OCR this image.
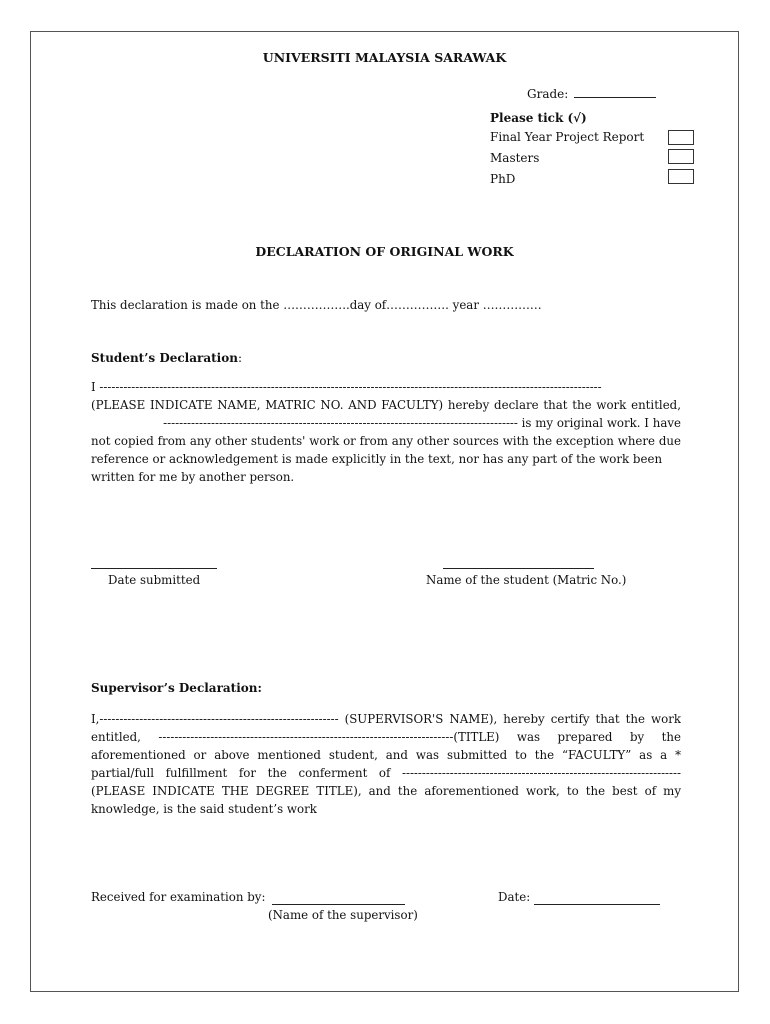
UNIVERSITI MALAYSIA SARAWAK
Grade:
Please tick (√)
Final Year Project Report
Masters
PhD
DECLARATION OF ORIGINAL WORK
This declaration is made on the ……………..day of……………. year ……………
Student’s Declaration:
I ------------------------------------------------------------------------------------------------------------------------------
(PLEASE INDICATE NAME, MATRIC NO. AND FACULTY) hereby declare that the work entitled,
----------------------------------------------------------------------------------------- is my original work. I have
not copied from any other students' work or from any other sources with the exception where due
reference or acknowledgement is made explicitly in the text, nor has any part of the work been
written for me by another person.
Date submitted	Name of the student (Matric No.)
Supervisor’s Declaration:
I,------------------------------------------------------------ (SUPERVISOR'S NAME), hereby certify that the work
entitled, --------------------------------------------------------------------------(TITLE) was prepared by the
aforementioned or above mentioned student, and was submitted to the “FACULTY” as a *
partial/full fulfillment for the conferment of ----------------------------------------------------------------------
(PLEASE INDICATE THE DEGREE TITLE), and the aforementioned work, to the best of my
knowledge, is the said student’s work
Received for examination by:
(Name of the supervisor)
Date:
